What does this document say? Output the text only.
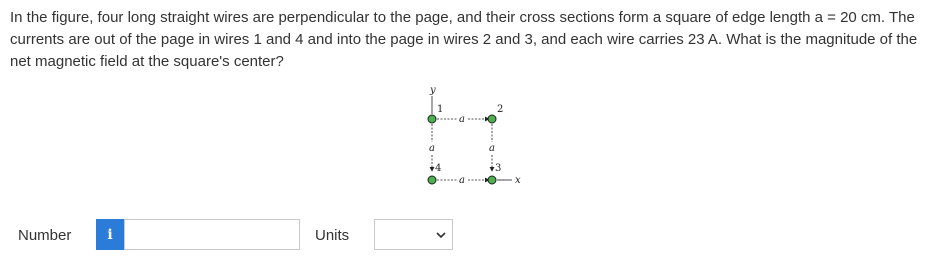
In the figure, four long straight wires are perpendicular to the page, and their cross sections form a square of edge length a = 20 cm. The currents are out of the page in wires 1 and 4 and into the page in wires 2 and 3, and each wire carries 23 A. What is the magnitude of the net magnetic field at the square's center?
y
1	2
a
a	a
4	3
a	x
Number	i	Units
